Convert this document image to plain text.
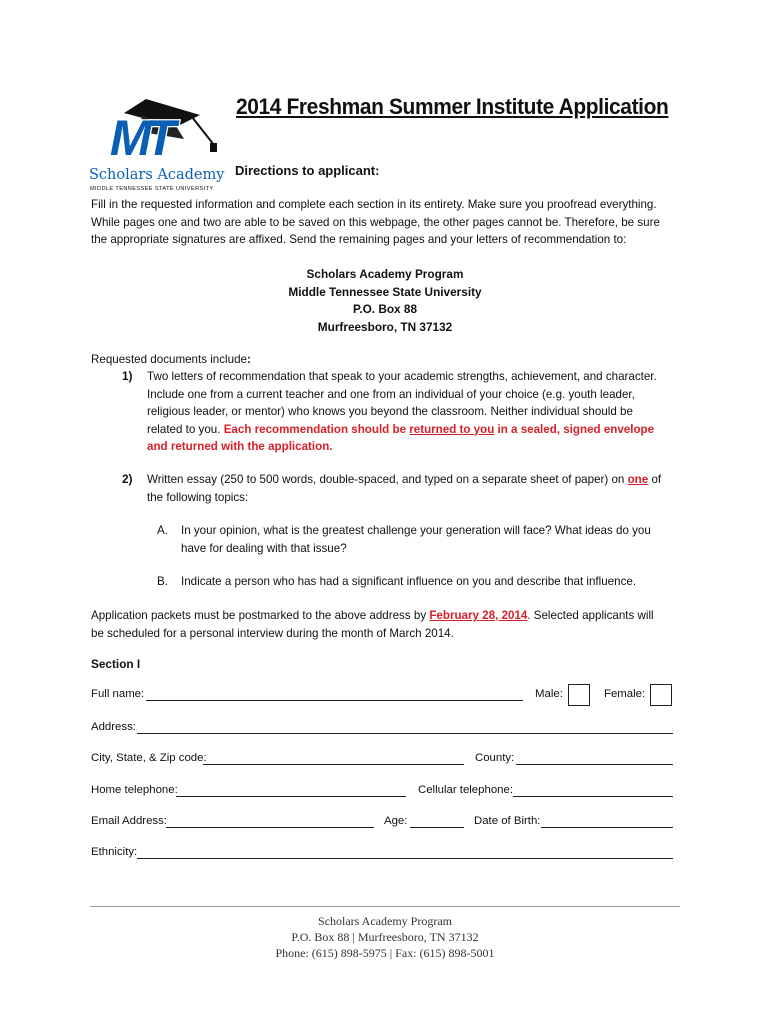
MT
Scholars Academy
MIDDLE TENNESSEE STATE UNIVERSITY
2014 Freshman Summer Institute Application
Directions to applicant:
Fill in the requested information and complete each section in its entirety. Make sure you proofread everything.
While pages one and two are able to be saved on this webpage, the other pages cannot be. Therefore, be sure
the appropriate signatures are affixed. Send the remaining pages and your letters of recommendation to:
Scholars Academy Program
Middle Tennessee State University
P.O. Box 88
Murfreesboro, TN 37132
Requested documents include:
1) Two letters of recommendation that speak to your academic strengths, achievement, and character.
Include one from a current teacher and one from an individual of your choice (e.g. youth leader,
religious leader, or mentor) who knows you beyond the classroom. Neither individual should be
related to you. Each recommendation should be returned to you in a sealed, signed envelope
and returned with the application.
2) Written essay (250 to 500 words, double-spaced, and typed on a separate sheet of paper) on one of
the following topics:
A. In your opinion, what is the greatest challenge your generation will face? What ideas do you
have for dealing with that issue?
B. Indicate a person who has had a significant influence on you and describe that influence.
Application packets must be postmarked to the above address by February 28, 2014. Selected applicants will
be scheduled for a personal interview during the month of March 2014.
Section I
Full name:	Male:	Female:
Address:
City, State, & Zip code:	County:
Home telephone:	Cellular telephone:
Email Address:	Age:	Date of Birth:
Ethnicity:
Scholars Academy Program
P.O. Box 88 | Murfreesboro, TN 37132
Phone: (615) 898-5975 | Fax: (615) 898-5001
